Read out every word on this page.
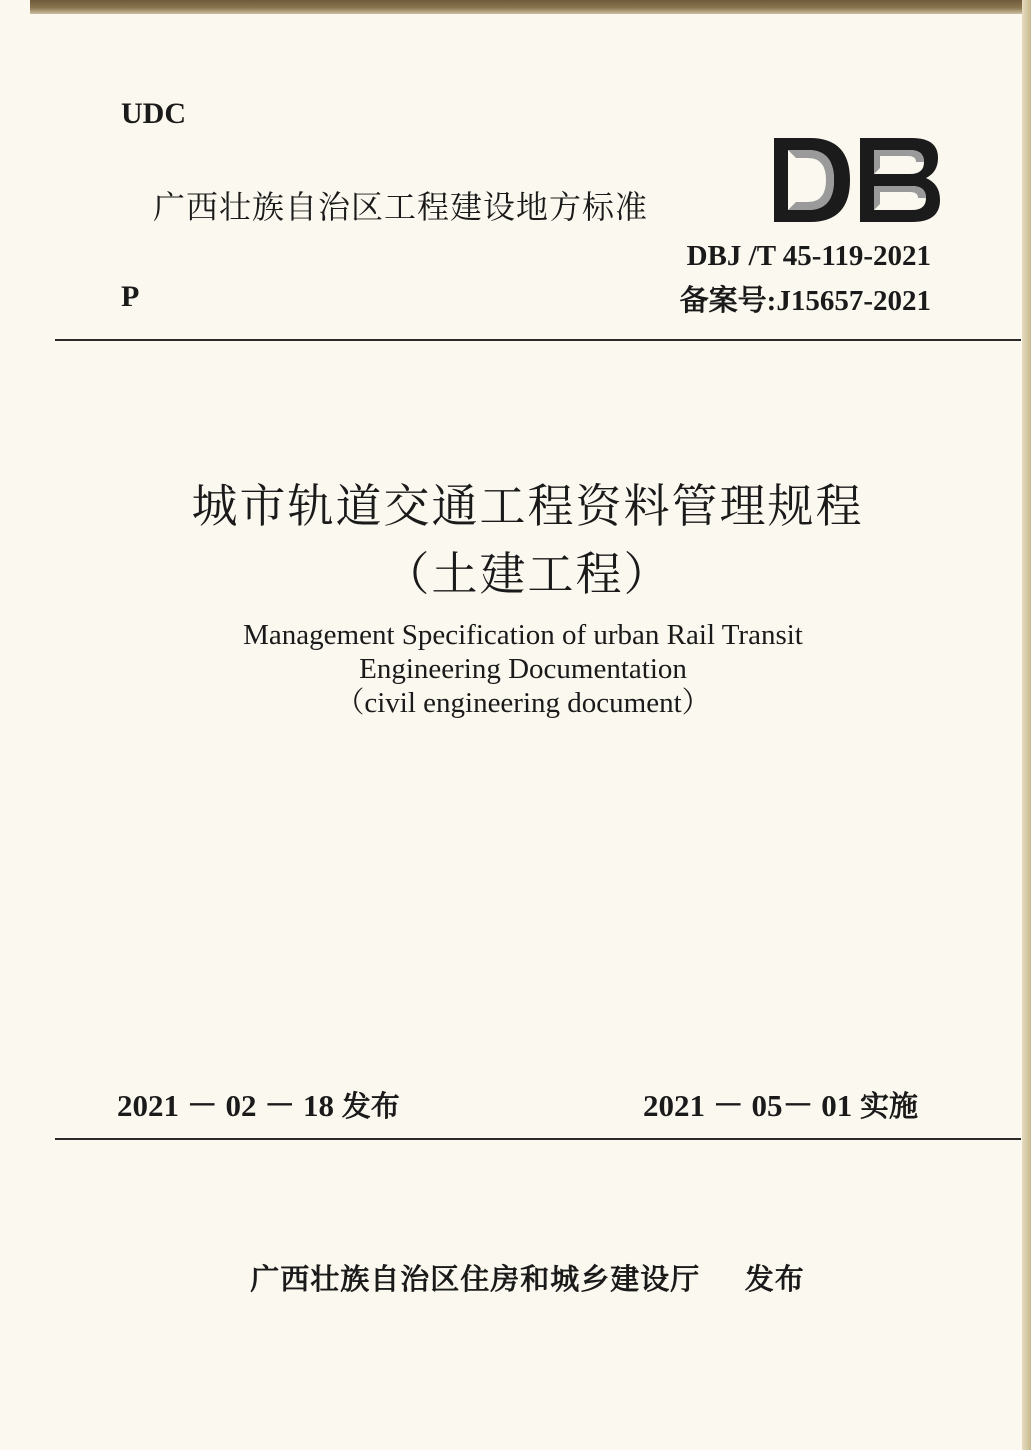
UDC
广西壮族自治区工程建设地方标准
P
DBJ /T 45-119-2021
备案号:J15657-2021
城市轨道交通工程资料管理规程
（土建工程）
Management Specification of urban Rail Transit
Engineering Documentation
（civil engineering document）
2021 － 02 － 18 发布	2021 － 05－ 01 实施
广西壮族自治区住房和城乡建设厅 发布
